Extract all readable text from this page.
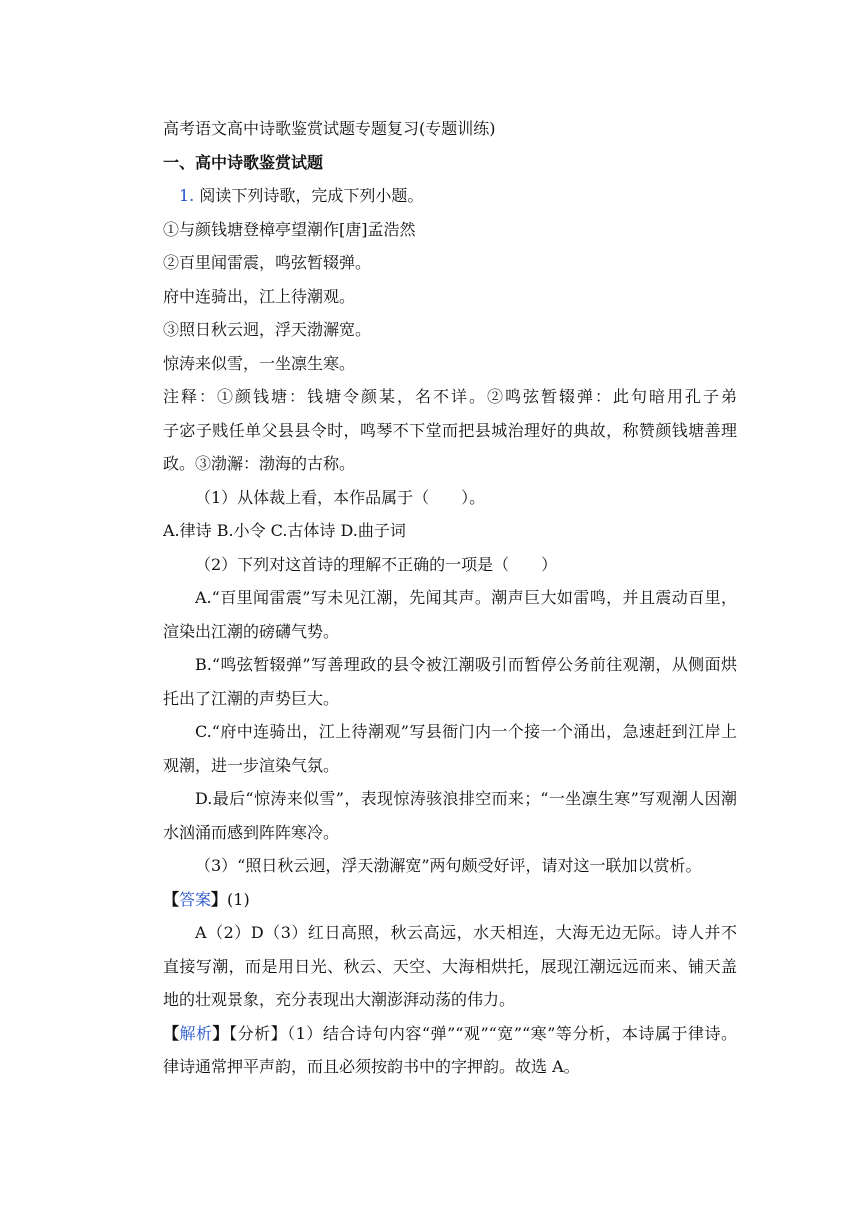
高考语文高中诗歌鉴赏试题专题复习(专题训练)
一、高中诗歌鉴赏试题
1. 阅读下列诗歌，完成下列小题。
①与颜钱塘登樟亭望潮作[唐]孟浩然
②百里闻雷震，鸣弦暂辍弹。
府中连骑出，江上待潮观。
③照日秋云迥，浮天渤澥宽。
惊涛来似雪，一坐凛生寒。
注释：①颜钱塘：钱塘令颜某，名不详。②鸣弦暂辍弹：此句暗用孔子弟
子宓子贱任单父县县令时，鸣琴不下堂而把县城治理好的典故，称赞颜钱塘善理
政。③渤澥：渤海的古称。
（1）从体裁上看，本作品属于（　　）。
A.律诗 B.小令 C.古体诗 D.曲子词
（2）下列对这首诗的理解不正确的一项是（　　）
A.“百里闻雷震”写未见江潮，先闻其声。潮声巨大如雷鸣，并且震动百里，
渲染出江潮的磅礴气势。
B.“鸣弦暂辍弹”写善理政的县令被江潮吸引而暂停公务前往观潮，从侧面烘
托出了江潮的声势巨大。
C.“府中连骑出，江上待潮观”写县衙门内一个接一个涌出，急速赶到江岸上
观潮，进一步渲染气氛。
D.最后“惊涛来似雪”，表现惊涛骇浪排空而来；“一坐凛生寒”写观潮人因潮
水汹涌而感到阵阵寒冷。
（3）“照日秋云迥，浮天渤澥宽”两句颇受好评，请对这一联加以赏析。
【答案】(1)
A（2）D（3）红日高照，秋云高远，水天相连，大海无边无际。诗人并不
直接写潮，而是用日光、秋云、天空、大海相烘托，展现江潮远远而来、铺天盖
地的壮观景象，充分表现出大潮澎湃动荡的伟力。
【解析】【分析】（1）结合诗句内容“弹”“观”“宽”“寒”等分析，本诗属于律诗。
律诗通常押平声韵，而且必须按韵书中的字押韵。故选 A。
